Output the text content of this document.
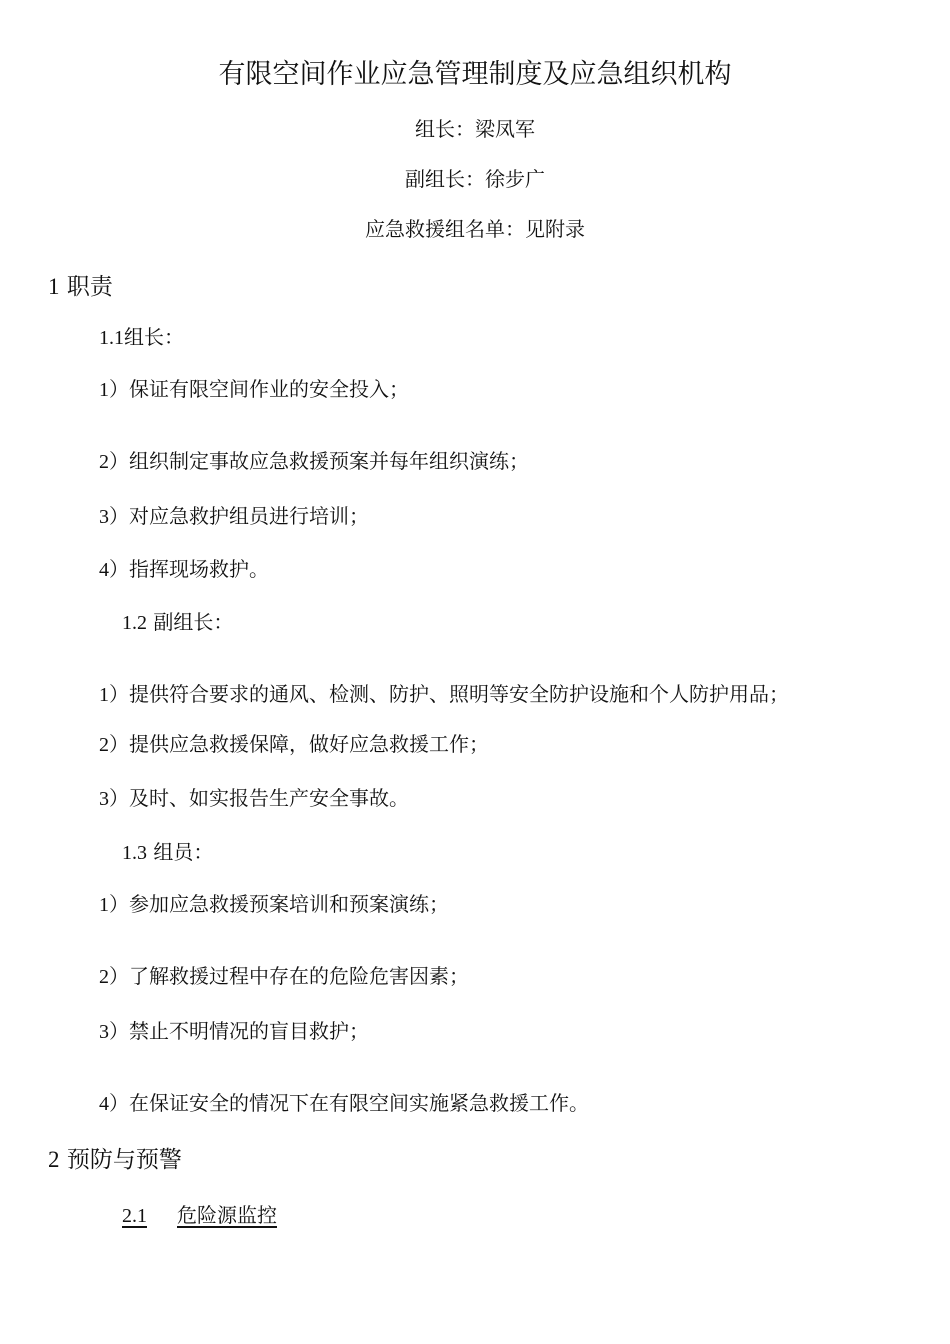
有限空间作业应急管理制度及应急组织机构
组长：梁凤军
副组长：徐步广
应急救援组名单：见附录
1 职责
1.1组长：
1）保证有限空间作业的安全投入；
2）组织制定事故应急救援预案并每年组织演练；
3）对应急救护组员进行培训；
4）指挥现场救护。
1.2 副组长：
1）提供符合要求的通风、检测、防护、照明等安全防护设施和个人防护用品；
2）提供应急救援保障，做好应急救援工作；
3）及时、如实报告生产安全事故。
1.3 组员：
1）参加应急救援预案培训和预案演练；
2）了解救援过程中存在的危险危害因素；
3）禁止不明情况的盲目救护；
4）在保证安全的情况下在有限空间实施紧急救援工作。
2 预防与预警
2.1 危险源监控
